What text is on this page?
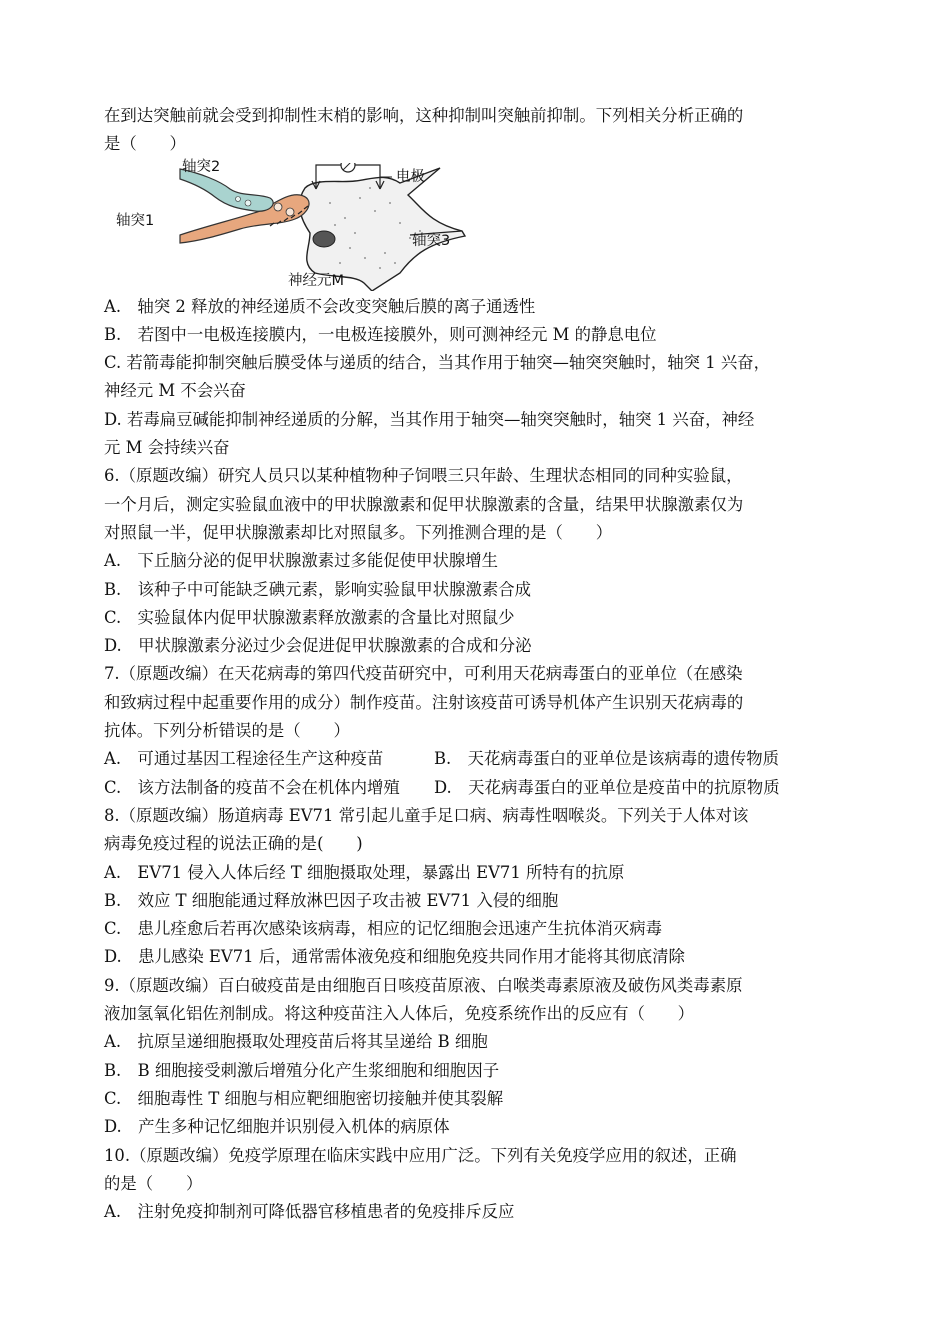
在到达突触前就会受到抑制性末梢的影响，这种抑制叫突触前抑制。下列相关分析正确的
是（　　）
轴突2
轴突1
电极
轴突3
神经元M
A.　轴突 2 释放的神经递质不会改变突触后膜的离子通透性
B.　若图中一电极连接膜内，一电极连接膜外，则可测神经元 M 的静息电位
C. 若箭毒能抑制突触后膜受体与递质的结合，当其作用于轴突—轴突突触时，轴突 1 兴奋，
神经元 M 不会兴奋
D. 若毒扁豆碱能抑制神经递质的分解，当其作用于轴突—轴突突触时，轴突 1 兴奋，神经
元 M 会持续兴奋
6.（原题改编）研究人员只以某种植物种子饲喂三只年龄、生理状态相同的同种实验鼠，
一个月后，测定实验鼠血液中的甲状腺激素和促甲状腺激素的含量，结果甲状腺激素仅为
对照鼠一半，促甲状腺激素却比对照鼠多。下列推测合理的是（　　）
A.　下丘脑分泌的促甲状腺激素过多能促使甲状腺增生
B.　该种子中可能缺乏碘元素，影响实验鼠甲状腺激素合成
C.　实验鼠体内促甲状腺激素释放激素的含量比对照鼠少
D.　甲状腺激素分泌过少会促进促甲状腺激素的合成和分泌
7.（原题改编）在天花病毒的第四代疫苗研究中，可利用天花病毒蛋白的亚单位（在感染
和致病过程中起重要作用的成分）制作疫苗。注射该疫苗可诱导机体产生识别天花病毒的
抗体。下列分析错误的是（　　）
A.　可通过基因工程途径生产这种疫苗	B.　天花病毒蛋白的亚单位是该病毒的遗传物质
C.　该方法制备的疫苗不会在机体内增殖	D.　天花病毒蛋白的亚单位是疫苗中的抗原物质
8.（原题改编）肠道病毒 EV71 常引起儿童手足口病、病毒性咽喉炎。下列关于人体对该
病毒免疫过程的说法正确的是(　　)
A.　EV71 侵入人体后经 T 细胞摄取处理，暴露出 EV71 所特有的抗原
B.　效应 T 细胞能通过释放淋巴因子攻击被 EV71 入侵的细胞
C.　患儿痊愈后若再次感染该病毒，相应的记忆细胞会迅速产生抗体消灭病毒
D.　患儿感染 EV71 后，通常需体液免疫和细胞免疫共同作用才能将其彻底清除
9.（原题改编）百白破疫苗是由细胞百日咳疫苗原液、白喉类毒素原液及破伤风类毒素原
液加氢氧化铝佐剂制成。将这种疫苗注入人体后，免疫系统作出的反应有（　　）
A.　抗原呈递细胞摄取处理疫苗后将其呈递给 B 细胞
B.　B 细胞接受刺激后增殖分化产生浆细胞和细胞因子
C.　细胞毒性 T 细胞与相应靶细胞密切接触并使其裂解
D.　产生多种记忆细胞并识别侵入机体的病原体
10.（原题改编）免疫学原理在临床实践中应用广泛。下列有关免疫学应用的叙述，正确
的是（　　）
A.　注射免疫抑制剂可降低器官移植患者的免疫排斥反应
